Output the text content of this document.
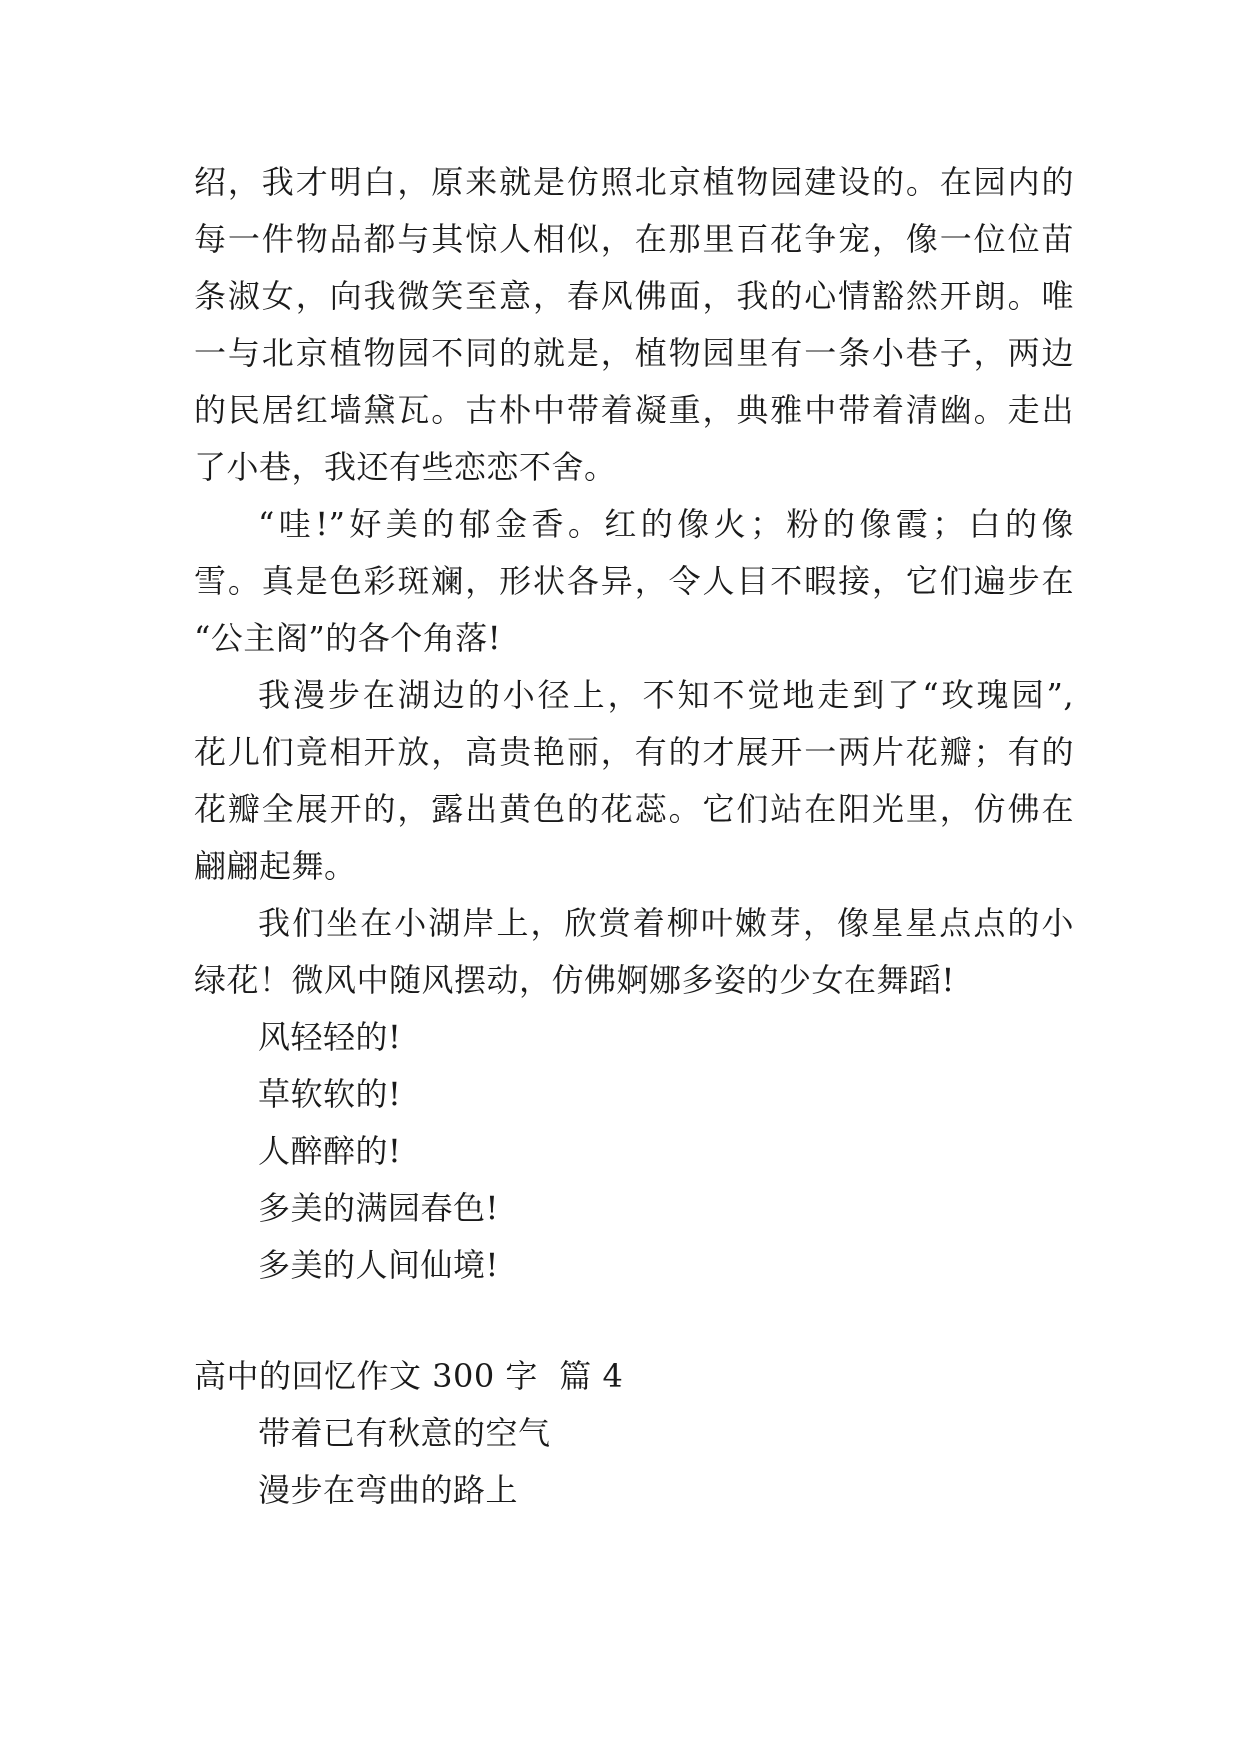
绍，我才明白，原来就是仿照北京植物园建设的。在园内的
每一件物品都与其惊人相似，在那里百花争宠，像一位位苗
条淑女，向我微笑至意，春风佛面，我的心情豁然开朗。唯
一与北京植物园不同的就是，植物园里有一条小巷子，两边
的民居红墙黛瓦。古朴中带着凝重，典雅中带着清幽。走出
了小巷，我还有些恋恋不舍。
“哇!”好美的郁金香。红的像火；粉的像霞；白的像
雪。真是色彩斑斓，形状各异，令人目不暇接，它们遍步在
“公主阁”的各个角落!
我漫步在湖边的小径上，不知不觉地走到了“玫瑰园”,
花儿们竟相开放，高贵艳丽，有的才展开一两片花瓣；有的
花瓣全展开的，露出黄色的花蕊。它们站在阳光里，仿佛在
翩翩起舞。
我们坐在小湖岸上，欣赏着柳叶嫩芽，像星星点点的小
绿花！微风中随风摆动，仿佛婀娜多姿的少女在舞蹈!
风轻轻的!
草软软的!
人醉醉的!
多美的满园春色!
多美的人间仙境!
高中的回忆作文 300 字  篇 4
带着已有秋意的空气
漫步在弯曲的路上
